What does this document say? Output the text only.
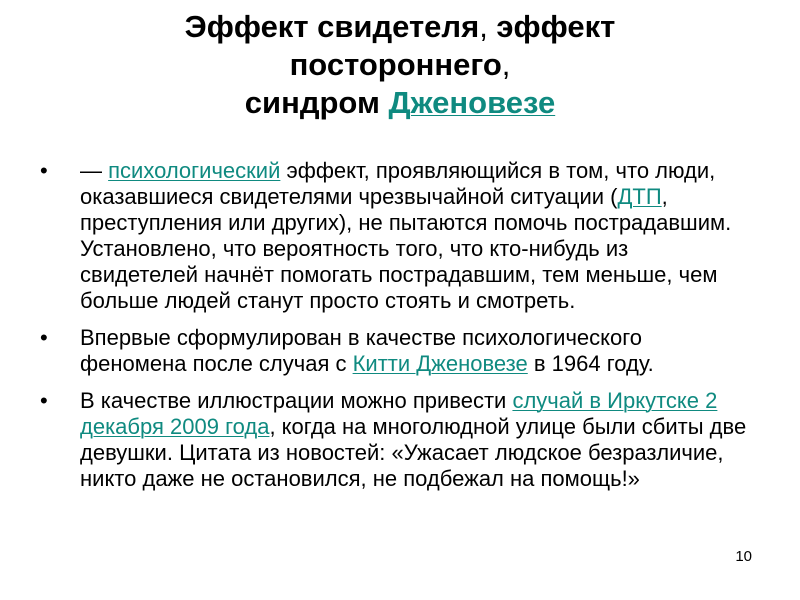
Эффект свидетеля, эффект
постороннего,
синдром Дженовезе
•	— психологический эффект, проявляющийся в том, что люди, оказавшиеся свидетелями чрезвычайной ситуации (ДТП, преступления или других), не пытаются помочь пострадавшим. Установлено, что вероятность того, что кто-нибудь из свидетелей начнёт помогать пострадавшим, тем меньше, чем больше людей станут просто стоять и смотреть.
•	Впервые сформулирован в качестве психологического феномена после случая с Китти Дженовезе в 1964 году.
•	В качестве иллюстрации можно привести случай в Иркутске 2 декабря 2009 года, когда на многолюдной улице были сбиты две девушки. Цитата из новостей: «Ужасает людское безразличие, никто даже не остановился, не подбежал на помощь!»
10
